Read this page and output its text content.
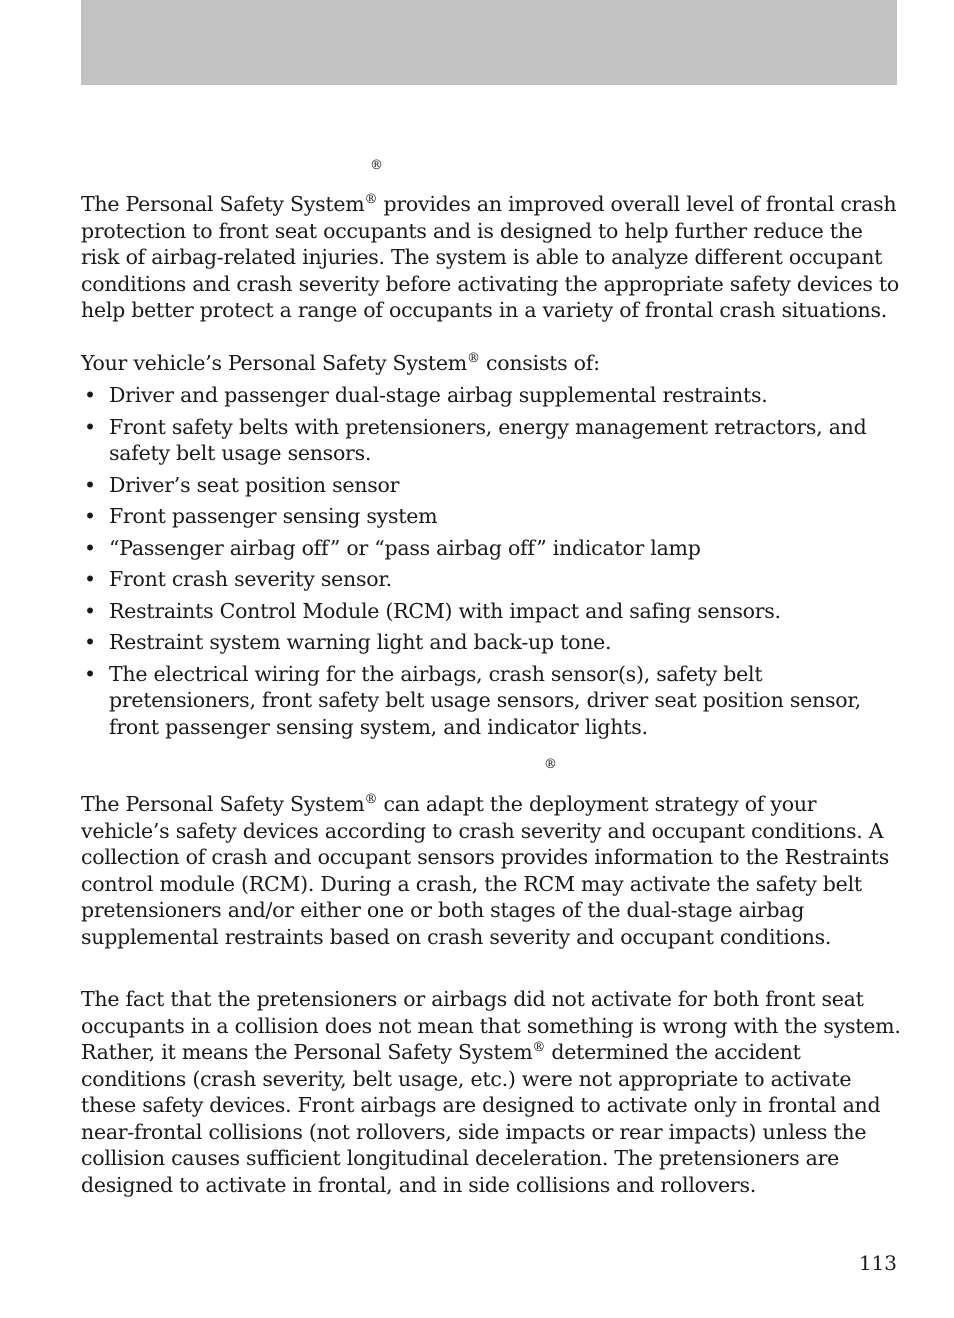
®

The Personal Safety System® provides an improved overall level of frontal crash protection to front seat occupants and is designed to help further reduce the risk of airbag-related injuries. The system is able to analyze different occupant conditions and crash severity before activating the appropriate safety devices to help better protect a range of occupants in a variety of frontal crash situations.

Your vehicle’s Personal Safety System® consists of:

• Driver and passenger dual-stage airbag supplemental restraints.
• Front safety belts with pretensioners, energy management retractors, and safety belt usage sensors.
• Driver’s seat position sensor
• Front passenger sensing system
• “Passenger airbag off” or “pass airbag off” indicator lamp
• Front crash severity sensor.
• Restraints Control Module (RCM) with impact and safing sensors.
• Restraint system warning light and back-up tone.
• The electrical wiring for the airbags, crash sensor(s), safety belt pretensioners, front safety belt usage sensors, driver seat position sensor, front passenger sensing system, and indicator lights.
®

The Personal Safety System® can adapt the deployment strategy of your vehicle’s safety devices according to crash severity and occupant conditions. A collection of crash and occupant sensors provides information to the Restraints control module (RCM). During a crash, the RCM may activate the safety belt pretensioners and/or either one or both stages of the dual-stage airbag supplemental restraints based on crash severity and occupant conditions.

The fact that the pretensioners or airbags did not activate for both front seat occupants in a collision does not mean that something is wrong with the system. Rather, it means the Personal Safety System® determined the accident conditions (crash severity, belt usage, etc.) were not appropriate to activate these safety devices. Front airbags are designed to activate only in frontal and near-frontal collisions (not rollovers, side impacts or rear impacts) unless the collision causes sufficient longitudinal deceleration. The pretensioners are designed to activate in frontal, and in side collisions and rollovers.

113
